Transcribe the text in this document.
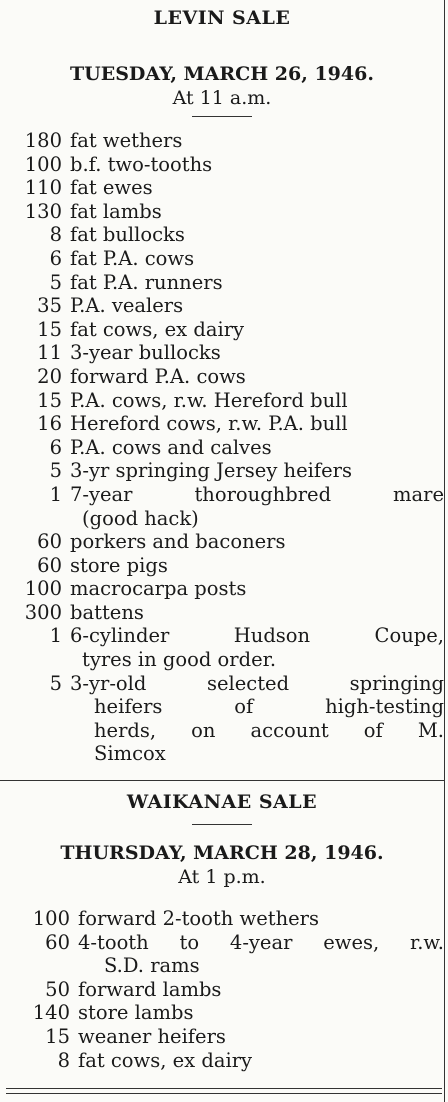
LEVIN SALE
TUESDAY, MARCH 26, 1946.
At 11 a.m.
180 fat wethers
100 b.f. two-tooths
110 fat ewes
130 fat lambs
8 fat bullocks
6 fat P.A. cows
5 fat P.A. runners
35 P.A. vealers
15 fat cows, ex dairy
11 3-year bullocks
20 forward P.A. cows
15 P.A. cows, r.w. Hereford bull
16 Hereford cows, r.w. P.A. bull
6 P.A. cows and calves
5 3-yr springing Jersey heifers
1 7-year thoroughbred mare
(good hack)
60 porkers and baconers
60 store pigs
100 macrocarpa posts
300 battens
1 6-cylinder Hudson Coupe,
tyres in good order.
5 3-yr-old selected springing
heifers of high-testing
herds, on account of M.
Simcox
WAIKANAE SALE
THURSDAY, MARCH 28, 1946.
At 1 p.m.
100 forward 2-tooth wethers
60 4-tooth to 4-year ewes, r.w.
S.D. rams
50 forward lambs
140 store lambs
15 weaner heifers
8 fat cows, ex dairy
